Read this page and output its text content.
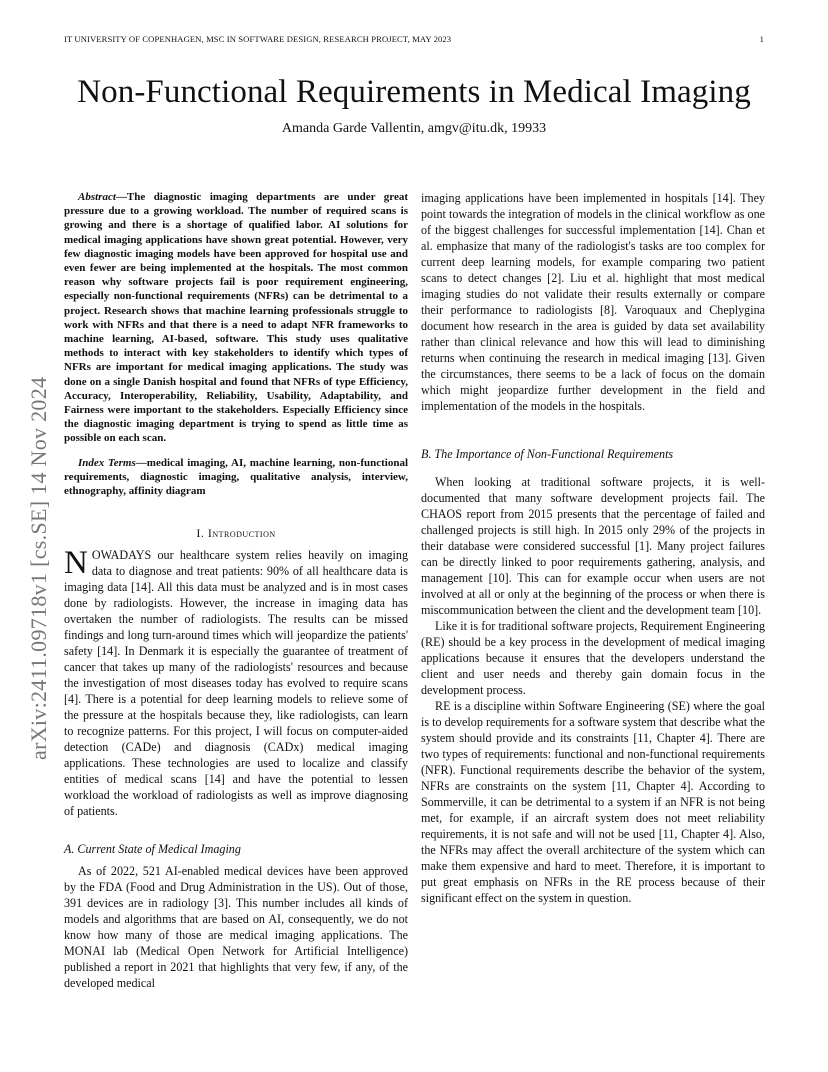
IT UNIVERSITY OF COPENHAGEN, MSC IN SOFTWARE DESIGN, RESEARCH PROJECT, MAY 2023	1
Non-Functional Requirements in Medical Imaging
Amanda Garde Vallentin, amgv@itu.dk, 19933
arXiv:2411.09718v1 [cs.SE] 14 Nov 2024

Abstract—The diagnostic imaging departments are under great pressure due to a growing workload. The number of required scans is growing and there is a shortage of qualified labor. AI solutions for medical imaging applications have shown great potential. However, very few diagnostic imaging models have been approved for hospital use and even fewer are being implemented at the hospitals. The most common reason why software projects fail is poor requirement engineering, especially non-functional requirements (NFRs) can be detrimental to a project. Research shows that machine learning professionals struggle to work with NFRs and that there is a need to adapt NFR frameworks to machine learning, AI-based, software. This study uses qualitative methods to interact with key stakeholders to identify which types of NFRs are important for medical imaging applications. The study was done on a single Danish hospital and found that NFRs of type Efficiency, Accuracy, Interoperability, Reliability, Usability, Adaptability, and Fairness were important to the stakeholders. Especially Efficiency since the diagnostic imaging department is trying to spend as little time as possible on each scan.

Index Terms—medical imaging, AI, machine learning, non-functional requirements, diagnostic imaging, qualitative analysis, interview, ethnography, affinity diagram

I. Introduction

NOWADAYS our healthcare system relies heavily on imaging data to diagnose and treat patients: 90% of all healthcare data is imaging data [14]. All this data must be analyzed and is in most cases done by radiologists. However, the increase in imaging data has overtaken the number of radiologists. The results can be missed findings and long turn-around times which will jeopardize the patients' safety [14]. In Denmark it is especially the guarantee of treatment of cancer that takes up many of the radiologists' resources and because the investigation of most diseases today has evolved to require scans [4]. There is a potential for deep learning models to relieve some of the pressure at the hospitals because they, like radiologists, can learn to recognize patterns. For this project, I will focus on computer-aided detection (CADe) and diagnosis (CADx) medical imaging applications. These technologies are used to localize and classify entities of medical scans [14] and have the potential to lessen workload the workload of radiologists as well as improve diagnosing of patients.

A. Current State of Medical Imaging

As of 2022, 521 AI-enabled medical devices have been approved by the FDA (Food and Drug Administration in the US). Out of those, 391 devices are in radiology [3]. This number includes all kinds of models and algorithms that are based on AI, consequently, we do not know how many of those are medical imaging applications. The MONAI lab (Medical Open Network for Artificial Intelligence) published a report in 2021 that highlights that very few, if any, of the developed medical

imaging applications have been implemented in hospitals [14]. They point towards the integration of models in the clinical workflow as one of the biggest challenges for successful implementation [14]. Chan et al. emphasize that many of the radiologist's tasks are too complex for current deep learning models, for example comparing two patient scans to detect changes [2]. Liu et al. highlight that most medical imaging studies do not validate their results externally or compare their performance to radiologists [8]. Varoquaux and Cheplygina document how research in the area is guided by data set availability rather than clinical relevance and how this will lead to diminishing returns when continuing the research in medical imaging [13]. Given the circumstances, there seems to be a lack of focus on the domain which might jeopardize further development in the field and implementation of the models in the hospitals.

B. The Importance of Non-Functional Requirements

When looking at traditional software projects, it is well-documented that many software development projects fail. The CHAOS report from 2015 presents that the percentage of failed and challenged projects is still high. In 2015 only 29% of the projects in their database were considered successful [1]. Many project failures can be directly linked to poor requirements gathering, analysis, and management [10]. This can for example occur when users are not involved at all or only at the beginning of the process or when there is miscommunication between the client and the development team [10].

Like it is for traditional software projects, Requirement Engineering (RE) should be a key process in the development of medical imaging applications because it ensures that the developers understand the client and user needs and thereby gain domain focus in the development process.

RE is a discipline within Software Engineering (SE) where the goal is to develop requirements for a software system that describe what the system should provide and its constraints [11, Chapter 4]. There are two types of requirements: functional and non-functional requirements (NFR). Functional requirements describe the behavior of the system, NFRs are constraints on the system [11, Chapter 4]. According to Sommerville, it can be detrimental to a system if an NFR is not being met, for example, if an aircraft system does not meet reliability requirements, it is not safe and will not be used [11, Chapter 4]. Also, the NFRs may affect the overall architecture of the system which can make them expensive and hard to meet. Therefore, it is important to put great emphasis on NFRs in the RE process because of their significant effect on the system in question.
